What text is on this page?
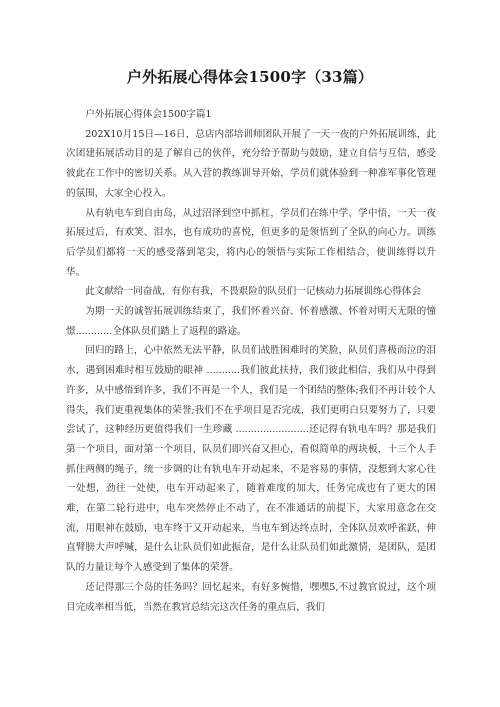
户外拓展心得体会1500字（33篇）

户外拓展心得体会1500字篇1

202X10月15日—16日，总店内部培训师团队开展了一天一夜的户外拓展训练，此次团建拓展活动目的是了解自己的伙伴，充分给予帮助与鼓励，建立自信与互信，感受彼此在工作中的密切关系。从入营的教练训导开始，学员们就体验到一种准军事化管理的氛围，大家全心投入。

从有轨电车到自由岛，从过沼泽到空中抓杠，学员们在练中学、学中悟，一天一夜拓展过后，有欢笑、泪水，也有成功的喜悦，但更多的是领悟到了全队的向心力。训练后学员们都将一天的感受落到笔尖，将内心的领悟与实际工作相结合，使训练得以升华。

此文献给一同奋战，有你有我，不畏艰险的队员们一记核动力拓展训练心得体会

为期一天的诚智拓展训练结束了，我们怀着兴奋、怀着感激、怀着对明天无限的憧憬............全体队员们踏上了返程的路途。

回归的路上，心中依然无法平静，队员们战胜困难时的笑脸，队员们喜极而泣的泪水，遇到困难时相互鼓励的眼神 ...........我们彼此扶持，我们彼此相信，我们从中得到许多，从中感悟到许多，我们不再是一个人，我们是一个团结的整体;我们不再计较个人得失，我们更重视集体的荣誉;我们不在乎项目是否完成，我们更明白只要努力了，只要尝试了，这种经历更值得我们一生珍藏 ........................还记得有轨电车吗？那是我们第一个项目，面对第一个项目，队员们即兴奋又担心，看似简单的两块板，十三个人手抓住两侧的绳子，统一步调的让有轨电车开动起来，不是容易的事情，没想到大家心往一处想，劲往一处使，电车开动起来了，随着难度的加大，任务完成也有了更大的困难，在第二轮行进中，电车突然停止不动了，在不准通话的前提下，大家用意念在交流，用眼神在鼓励，电车终于又开动起来，当电车到达终点时，全体队员欢呼雀跃，伸直臂膀大声呼喊，是什么让队员们如此振奋，是什么让队员们如此激情，是团队，是团队的力量让每个人感受到了集体的荣誉。

还记得那三个岛的任务吗？回忆起来，有好多惋惜，嘿嘿5,不过教官说过，这个项目完成率相当低，当然在教官总结完这次任务的重点后，我们
